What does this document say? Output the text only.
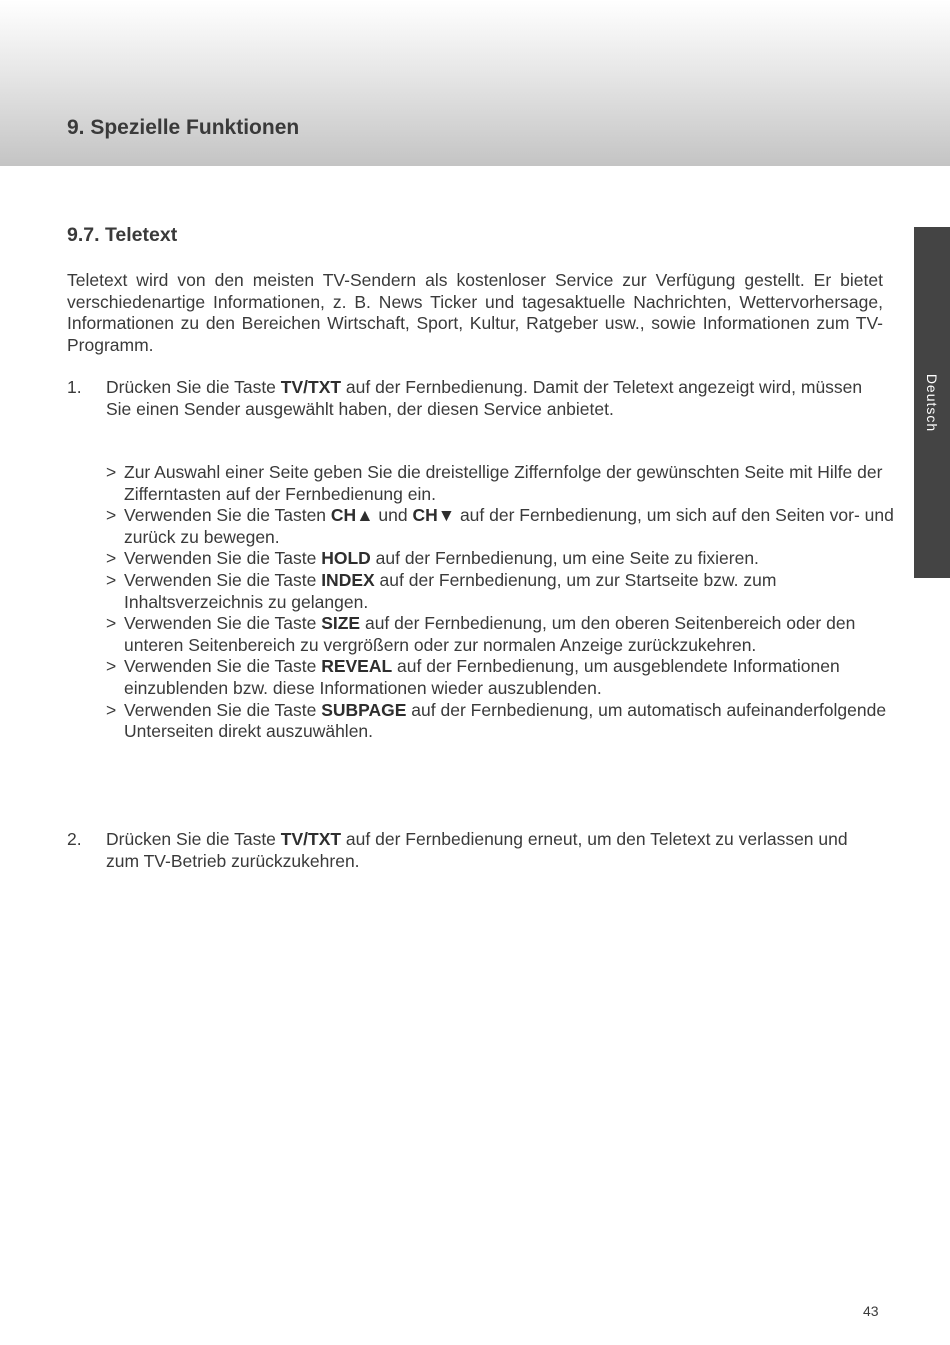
9. Spezielle Funktionen
Deutsch
9.7. Teletext

Teletext wird von den meisten TV-Sendern als kostenloser Service zur Verfügung gestellt. Er bietet verschiedenartige Informationen, z. B. News Ticker und tagesaktuelle Nachrichten, Wettervorhersage, Informationen zu den Bereichen Wirtschaft, Sport, Kultur, Ratgeber usw., sowie Informationen zum TV-Programm.

1. Drücken Sie die Taste TV/TXT auf der Fernbedienung. Damit der Teletext angezeigt wird, müssen Sie einen Sender ausgewählt haben, der diesen Service anbietet.
> Zur Auswahl einer Seite geben Sie die dreistellige Ziffernfolge der gewünschten Seite mit Hilfe der Zifferntasten auf der Fernbedienung ein.
> Verwenden Sie die Tasten CH▲ und CH▼ auf der Fernbedienung, um sich auf den Seiten vor- und zurück zu bewegen.
> Verwenden Sie die Taste HOLD auf der Fernbedienung, um eine Seite zu fixieren.
> Verwenden Sie die Taste INDEX auf der Fernbedienung, um zur Startseite bzw. zum Inhaltsverzeichnis zu gelangen.
> Verwenden Sie die Taste SIZE auf der Fernbedienung, um den oberen Seitenbereich oder den unteren Seitenbereich zu vergrößern oder zur normalen Anzeige zurückzukehren.
> Verwenden Sie die Taste REVEAL auf der Fernbedienung, um ausgeblendete Informationen einzublenden bzw. diese Informationen wieder auszublenden.
> Verwenden Sie die Taste SUBPAGE auf der Fernbedienung, um automatisch aufeinanderfolgende Unterseiten direkt auszuwählen.
2. Drücken Sie die Taste TV/TXT auf der Fernbedienung erneut, um den Teletext zu verlassen und zum TV-Betrieb zurückzukehren.
43
